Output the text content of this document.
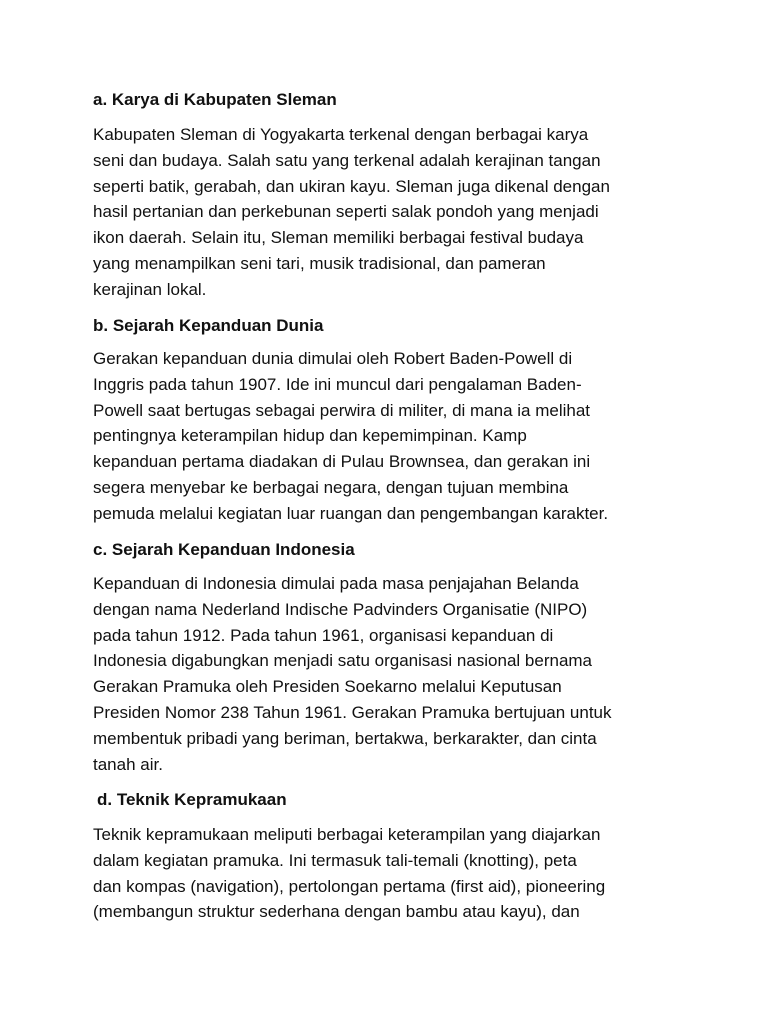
a. Karya di Kabupaten Sleman
Kabupaten Sleman di Yogyakarta terkenal dengan berbagai karya
seni dan budaya. Salah satu yang terkenal adalah kerajinan tangan
seperti batik, gerabah, dan ukiran kayu. Sleman juga dikenal dengan
hasil pertanian dan perkebunan seperti salak pondoh yang menjadi
ikon daerah. Selain itu, Sleman memiliki berbagai festival budaya
yang menampilkan seni tari, musik tradisional, dan pameran
kerajinan lokal.
b. Sejarah Kepanduan Dunia
Gerakan kepanduan dunia dimulai oleh Robert Baden-Powell di
Inggris pada tahun 1907. Ide ini muncul dari pengalaman Baden-
Powell saat bertugas sebagai perwira di militer, di mana ia melihat
pentingnya keterampilan hidup dan kepemimpinan. Kamp
kepanduan pertama diadakan di Pulau Brownsea, dan gerakan ini
segera menyebar ke berbagai negara, dengan tujuan membina
pemuda melalui kegiatan luar ruangan dan pengembangan karakter.
c. Sejarah Kepanduan Indonesia
Kepanduan di Indonesia dimulai pada masa penjajahan Belanda
dengan nama Nederland Indische Padvinders Organisatie (NIPO)
pada tahun 1912. Pada tahun 1961, organisasi kepanduan di
Indonesia digabungkan menjadi satu organisasi nasional bernama
Gerakan Pramuka oleh Presiden Soekarno melalui Keputusan
Presiden Nomor 238 Tahun 1961. Gerakan Pramuka bertujuan untuk
membentuk pribadi yang beriman, bertakwa, berkarakter, dan cinta
tanah air.
d. Teknik Kepramukaan
Teknik kepramukaan meliputi berbagai keterampilan yang diajarkan
dalam kegiatan pramuka. Ini termasuk tali-temali (knotting), peta
dan kompas (navigation), pertolongan pertama (first aid), pioneering
(membangun struktur sederhana dengan bambu atau kayu), dan
